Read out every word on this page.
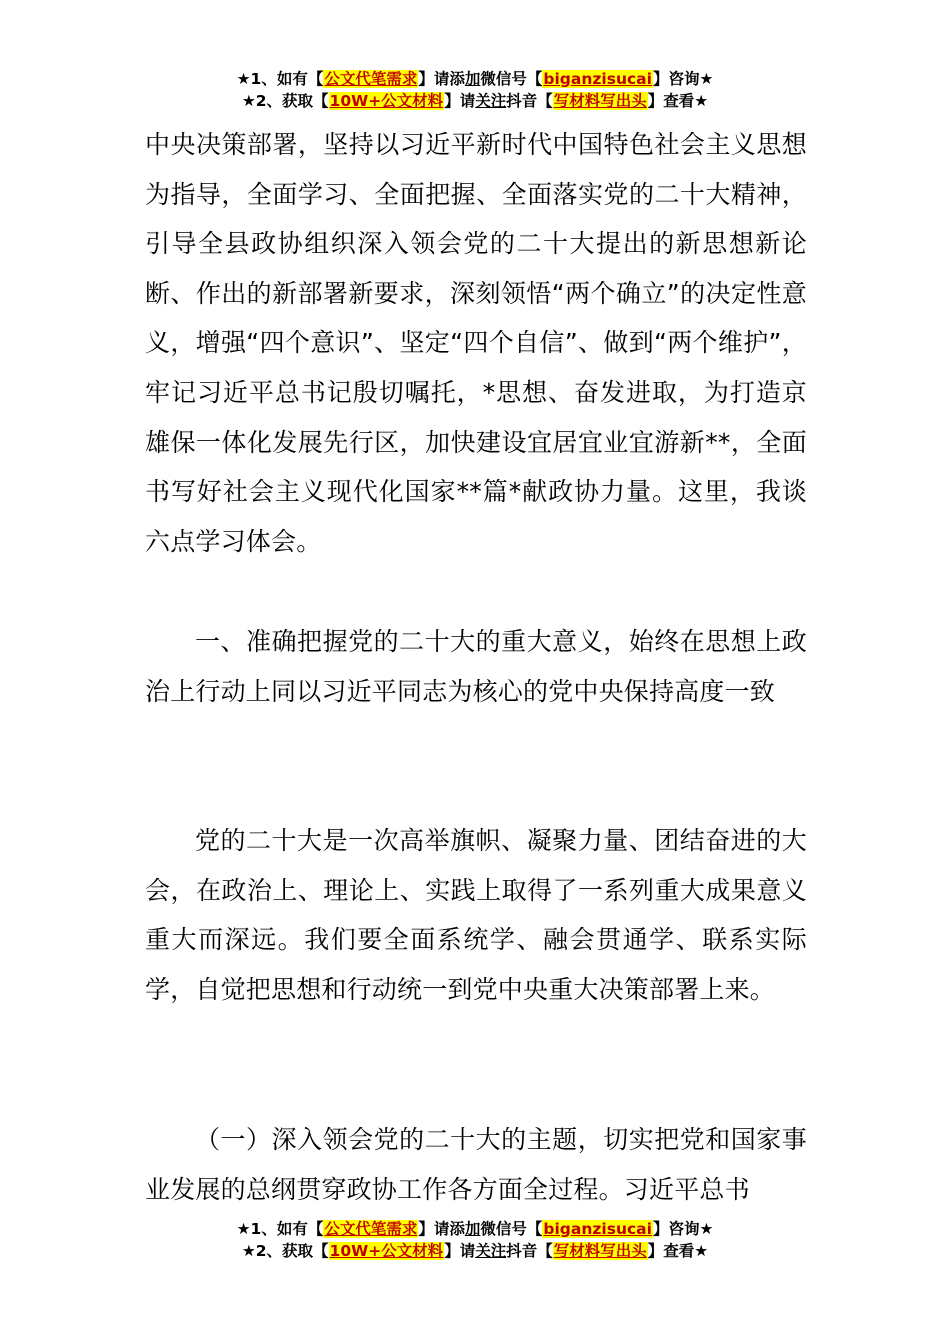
★1、如有【公文代笔需求】请添加微信号【biganzisucai】咨询★
★2、获取【10W+公文材料】请关注抖音【写材料写出头】查看★

中央决策部署，坚持以习近平新时代中国特色社会主义思想为指导，全面学习、全面把握、全面落实党的二十大精神，引导全县政协组织深入领会党的二十大提出的新思想新论断、作出的新部署新要求，深刻领悟“两个确立”的决定性意义，增强“四个意识”、坚定“四个自信”、做到“两个维护”，牢记习近平总书记殷切嘱托，*思想、奋发进取，为打造京雄保一体化发展先行区，加快建设宜居宜业宜游新**，全面书写好社会主义现代化国家**篇*献政协力量。这里，我谈六点学习体会。

一、准确把握党的二十大的重大意义，始终在思想上政治上行动上同以习近平同志为核心的党中央保持高度一致

党的二十大是一次高举旗帜、凝聚力量、团结奋进的大会，在政治上、理论上、实践上取得了一系列重大成果意义重大而深远。我们要全面系统学、融会贯通学、联系实际学，自觉把思想和行动统一到党中央重大决策部署上来。

（一）深入领会党的二十大的主题，切实把党和国家事业发展的总纲贯穿政协工作各方面全过程。习近平总书

★1、如有【公文代笔需求】请添加微信号【biganzisucai】咨询★
★2、获取【10W+公文材料】请关注抖音【写材料写出头】查看★
